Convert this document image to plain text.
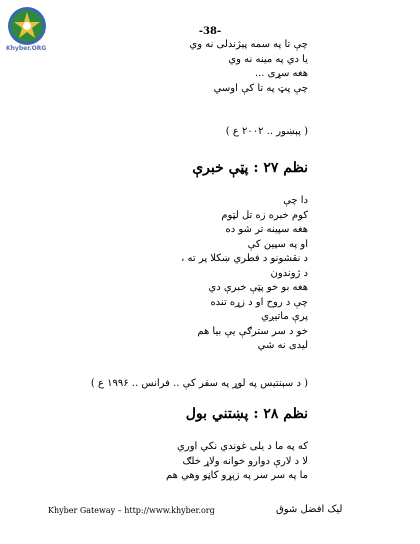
Khyber.ORG
-38-
چې تا په سمه پېژندلی نه وي
یا دي په مینه نه وي
هغه سړی ...
چې پټ په تا کې اوسي
( پېښور .. ۲۰۰۲ ع )
نظم ۲۷ : پټې خبرې
دا چې
کوم خبره زه تل لټوم
هغه سپینه تر شو ده
او په سپین کې
د نقشونو د فطري ښکلا پر ته ،
د ژوندون
هغه بو خو پټې خبرې دي
چې د روح او د زړه تنده
پرې ماتیږي
خو د سر سترګې یې بیا هم
لیدی نه شي
( د سېنتیس په لوړ په سفر کې .. فرانس .. ۱۹۹۶ ع )
نظم ۲۸ : پښتني بول
که په ما د یلی غوندي نکي اوري
لا د لارې دوارو خوانه ولاړ خلګ
ما په سر سر په زېړو کاڼو وهي هم
Khyber Gateway – http://www.khyber.org	لیک افضل شوق
